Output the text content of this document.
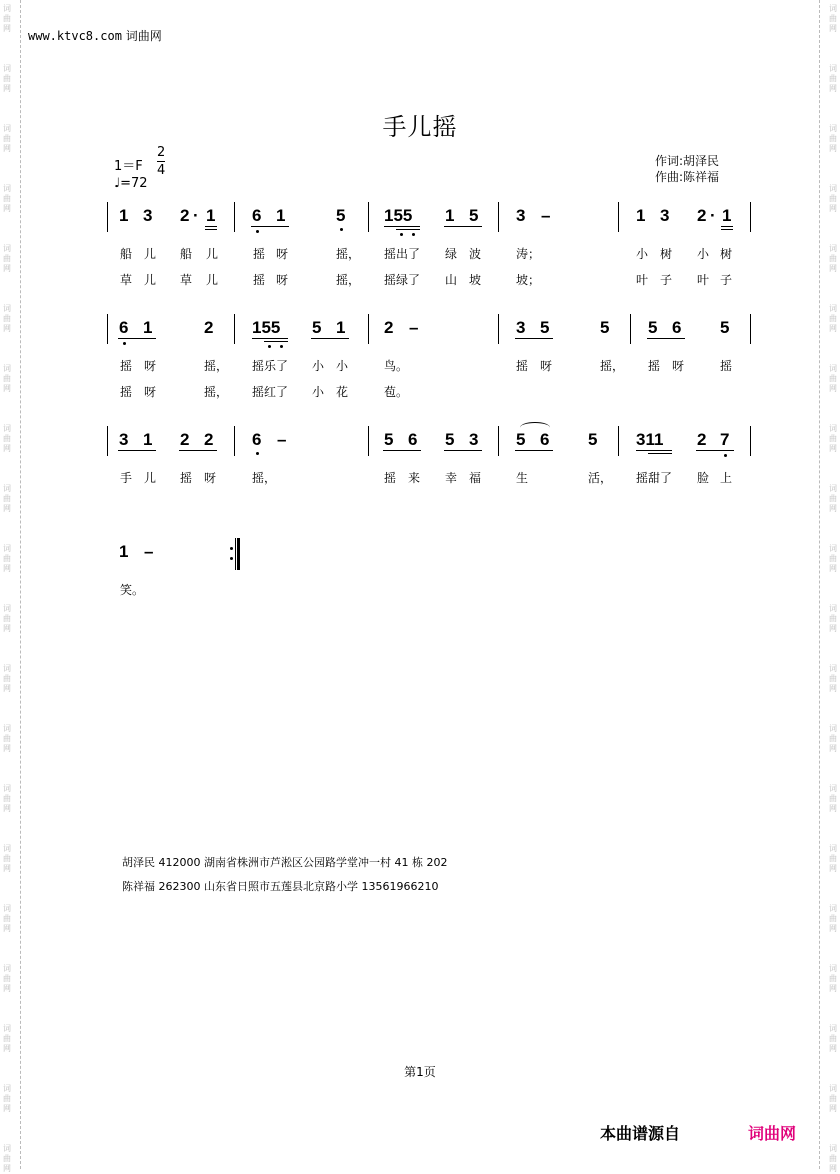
词
曲
网
词
曲
网
词
曲
网
词
曲
网
词
曲
网
词
曲
网
词
曲
网
词
曲
网
词
曲
网
词
曲
网
词
曲
网
词
曲
网
词
曲
网
词
曲
网
词
曲
网
词
曲
网
词
曲
网
词
曲
网
词
曲
网
词
曲
网
词
曲
网
词
曲
网
词
曲
网
词
曲
网
词
曲
网
词
曲
网
词
曲
网
词
曲
网
词
曲
网
词
曲
网
词
曲
网
词
曲
网
词
曲
网
词
曲
网
词
曲
网
词
曲
网
词
曲
网
词
曲
网
词
曲
网
词
曲
网
www.ktvc8.com 词曲网
手儿摇
$1=F \frac{2}{4}$
♩=72
作词:胡泽民
作曲:陈祥福
1 3 2 · 1 6 1	5 155 1 5 3 –	1 3 2 · 1
船 儿 船 儿	摇 呀	摇， 摇出了 绿 波	涛；	小 树 小 树
草 儿 草 儿	摇 呀	摇， 摇绿了 山 坡	坡；	叶 子 叶 子
6 1	2 155 5 1 2 –	3 5	5 5 6 5
摇 呀	摇， 摇乐了 小 小	鸟。	摇 呀	摇， 摇 呀	摇
摇 呀	摇， 摇红了 小 花	苞。
3 1 2 2 6 –	5 6 5 3 5 6 5 311 2 7
手 儿 摇 呀	摇，	摇 来 幸 福	生	活， 摇甜了 脸 上
1 –
笑。
胡泽民 412000 湖南省株洲市芦淞区公园路学堂冲一村 41 栋 202
陈祥福 262300 山东省日照市五莲县北京路小学 13561966210
第1页
本曲谱源自	词曲网
